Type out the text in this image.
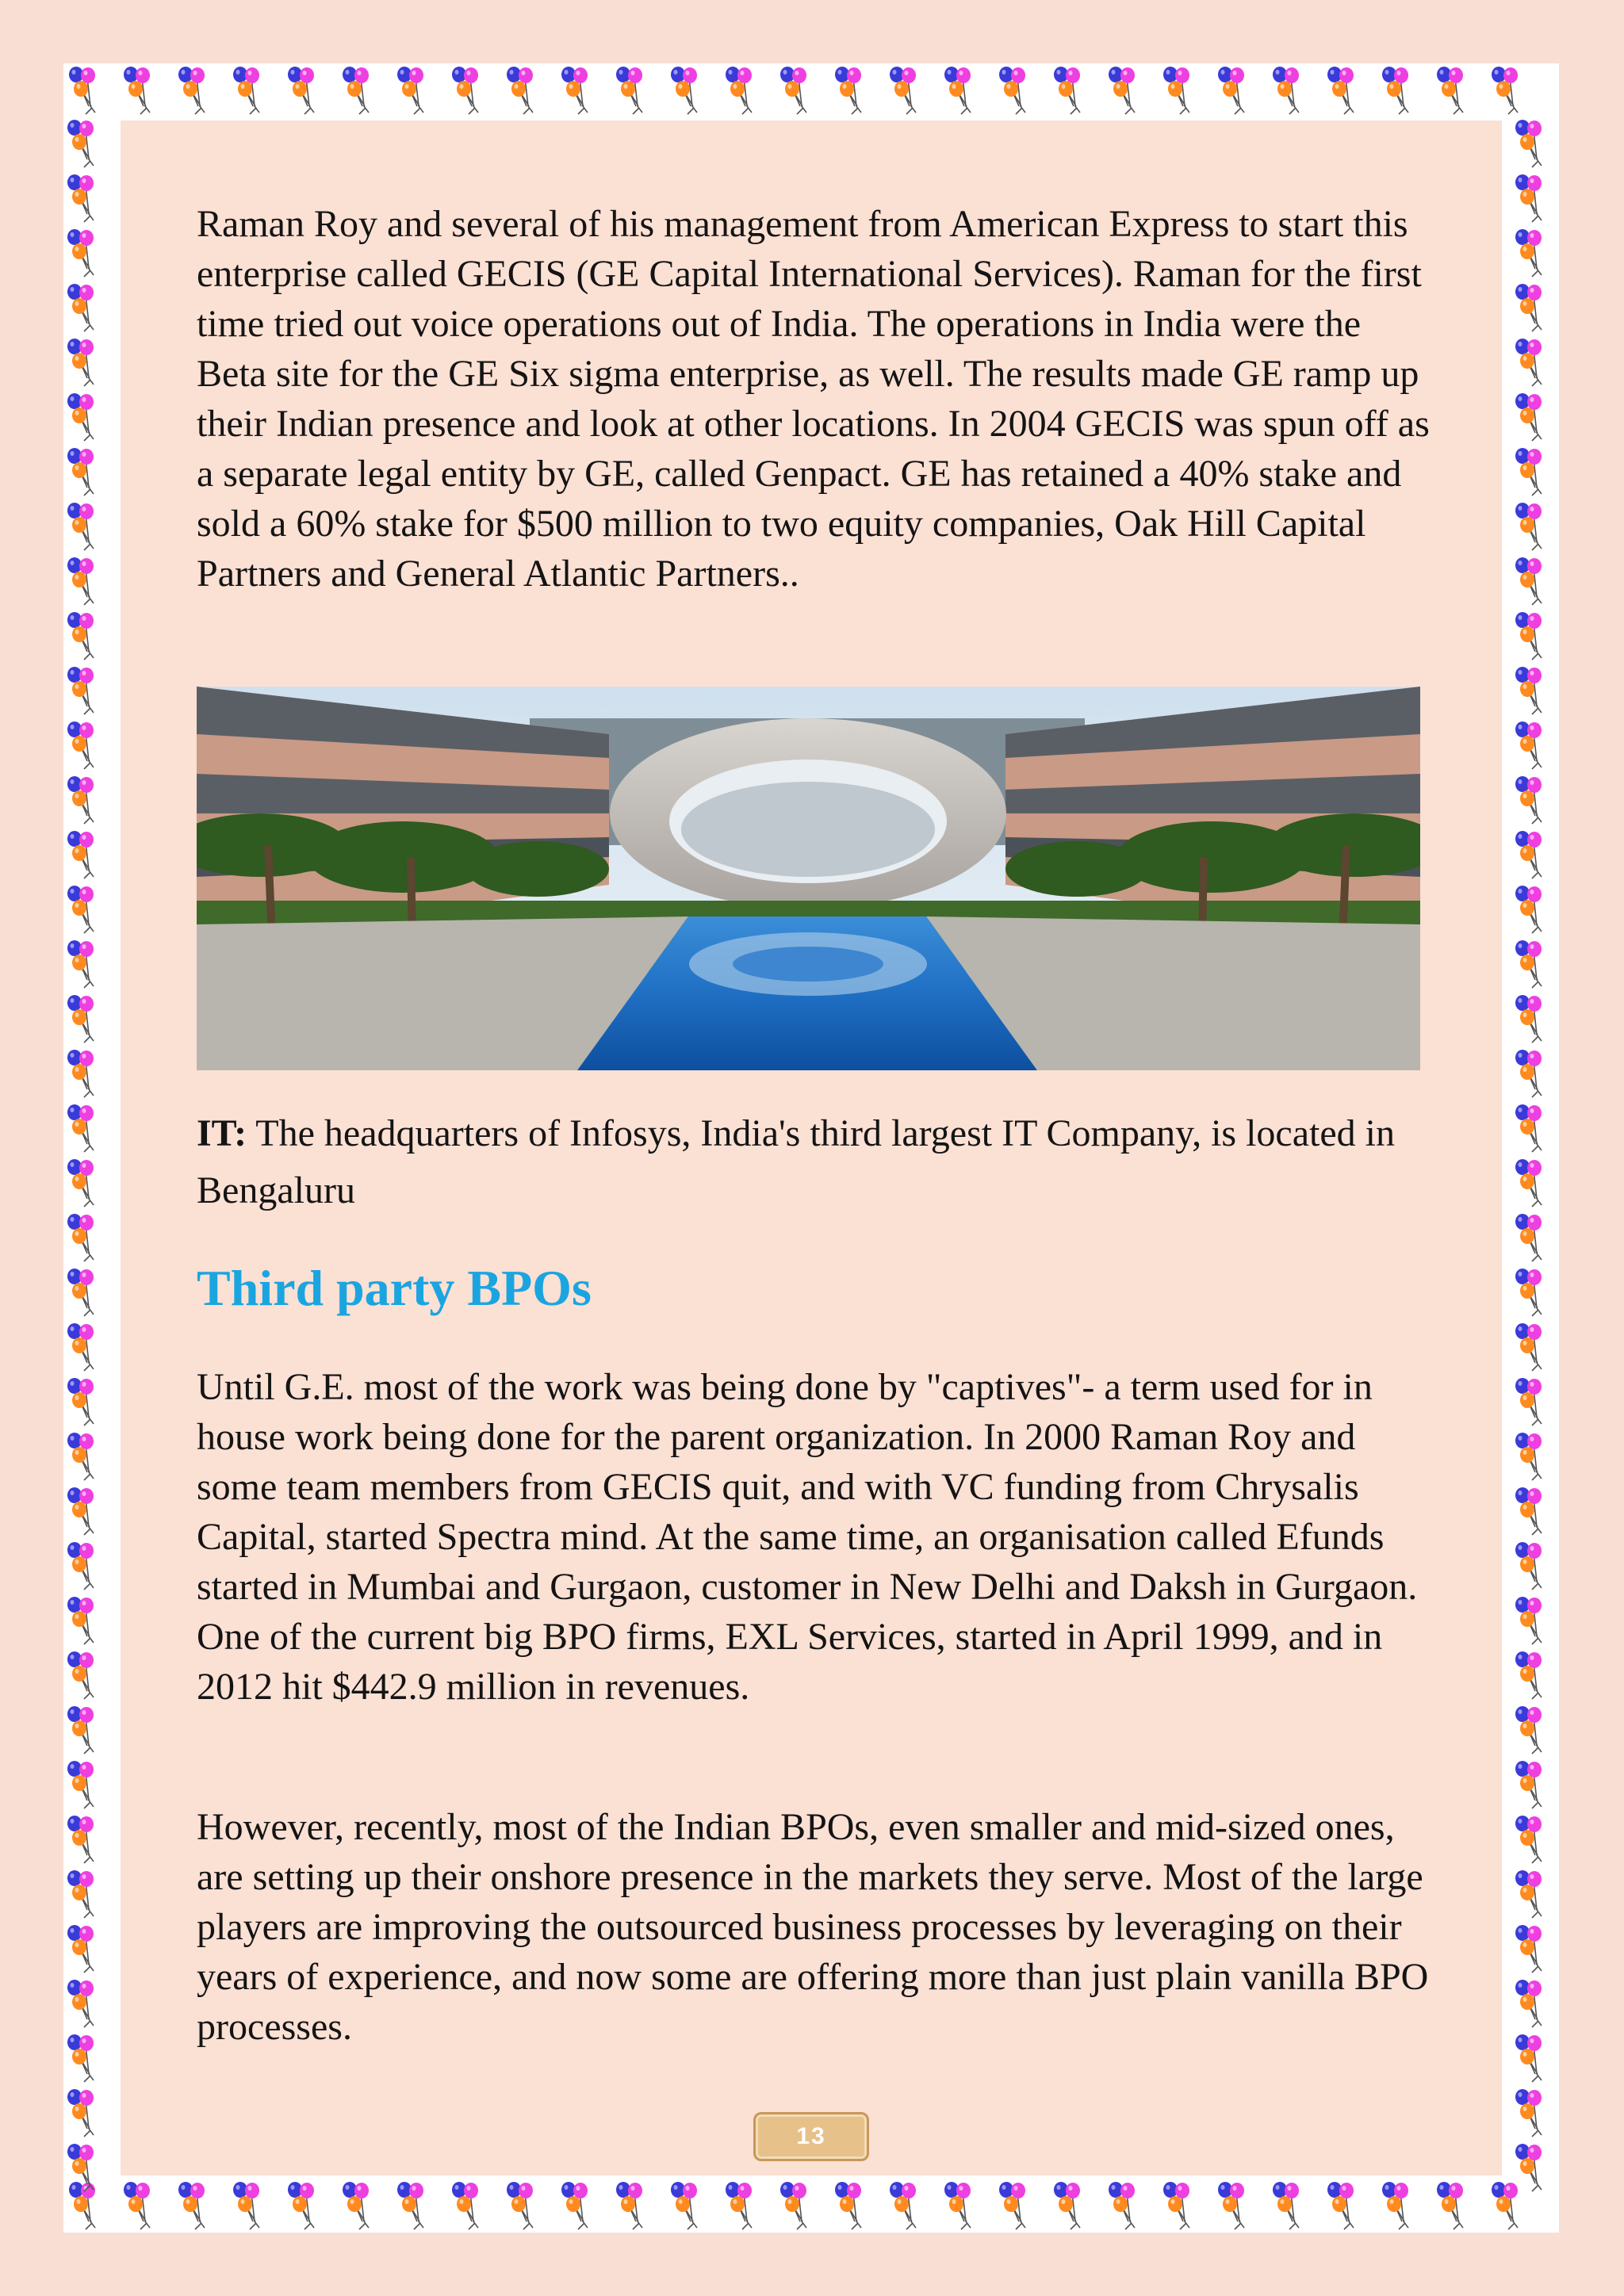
Raman Roy and several of his management from American Express to start this enterprise called GECIS (GE Capital International Services). Raman for the first time tried out voice operations out of India. The operations in India were the Beta site for the GE Six sigma enterprise, as well. The results made GE ramp up their Indian presence and look at other locations. In 2004 GECIS was spun off as a separate legal entity by GE, called Genpact. GE has retained a 40% stake and sold a 60% stake for $500 million to two equity companies, Oak Hill Capital Partners and General Atlantic Partners..

IT: The headquarters of Infosys, India's third largest IT Company, is located in Bengaluru

Third party BPOs

Until G.E. most of the work was being done by "captives"- a term used for in house work being done for the parent organization. In 2000 Raman Roy and some team members from GECIS quit, and with VC funding from Chrysalis Capital, started Spectra mind. At the same time, an organisation called Efunds started in Mumbai and Gurgaon, customer in New Delhi and Daksh in Gurgaon. One of the current big BPO firms, EXL Services, started in April 1999, and in 2012 hit $442.9 million in revenues.

However, recently, most of the Indian BPOs, even smaller and mid-sized ones, are setting up their onshore presence in the markets they serve. Most of the large players are improving the outsourced business processes by leveraging on their years of experience, and now some are offering more than just plain vanilla BPO processes.

13
